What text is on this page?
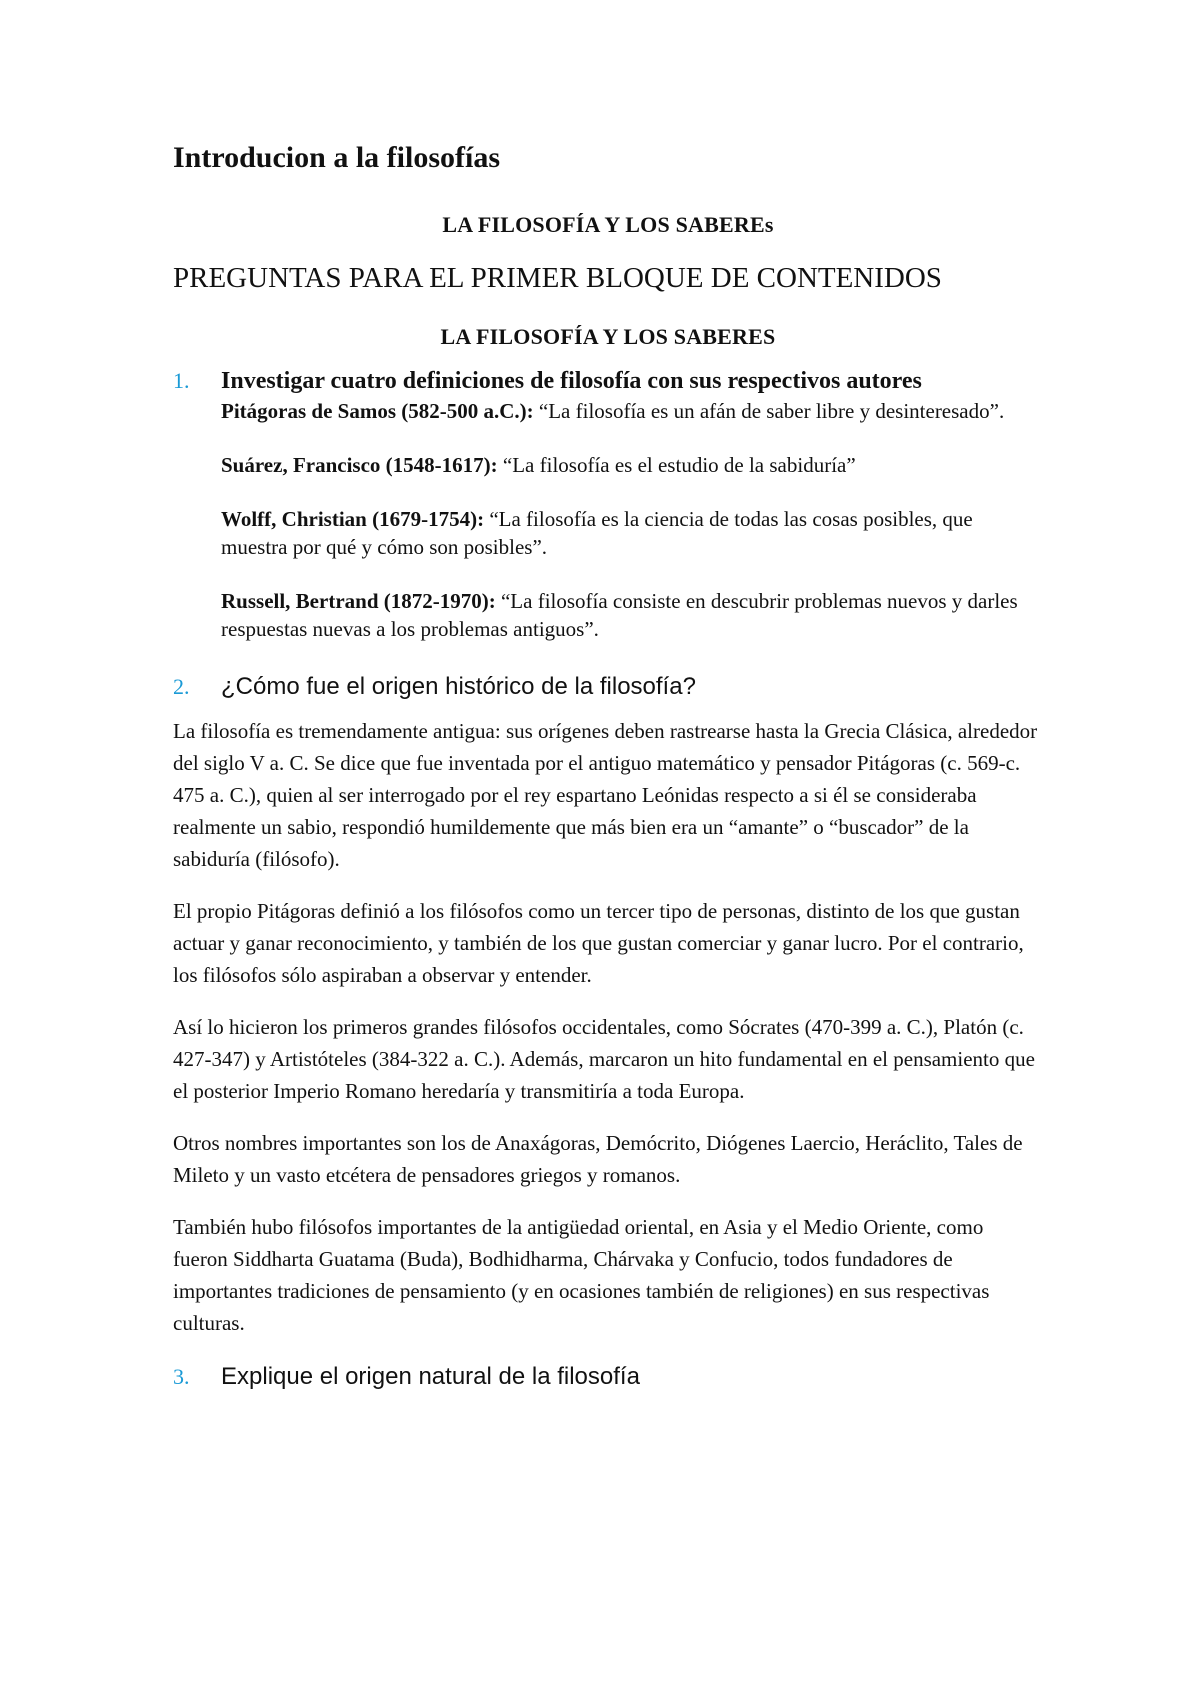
Introducion a la filosofías
LA FILOSOFÍA Y LOS SABEREs
PREGUNTAS PARA EL PRIMER BLOQUE DE CONTENIDOS
LA FILOSOFÍA Y LOS SABERES
1.	Investigar cuatro definiciones de filosofía con sus respectivos autores

Pitágoras de Samos (582-500 a.C.): “La filosofía es un afán de saber libre y desinteresado”.

Suárez, Francisco (1548-1617): “La filosofía es el estudio de la sabiduría”

Wolff, Christian (1679-1754): “La filosofía es la ciencia de todas las cosas posibles, que muestra por qué y cómo son posibles”.

Russell, Bertrand (1872-1970): “La filosofía consiste en descubrir problemas nuevos y darles respuestas nuevas a los problemas antiguos”.

2.	¿Cómo fue el origen histórico de la filosofía?

La filosofía es tremendamente antigua: sus orígenes deben rastrearse hasta la Grecia Clásica, alrededor del siglo V a. C. Se dice que fue inventada por el antiguo matemático y pensador Pitágoras (c. 569-c. 475 a. C.), quien al ser interrogado por el rey espartano Leónidas respecto a si él se consideraba realmente un sabio, respondió humildemente que más bien era un “amante” o “buscador” de la sabiduría (filósofo).

El propio Pitágoras definió a los filósofos como un tercer tipo de personas, distinto de los que gustan actuar y ganar reconocimiento, y también de los que gustan comerciar y ganar lucro. Por el contrario, los filósofos sólo aspiraban a observar y entender.

Así lo hicieron los primeros grandes filósofos occidentales, como Sócrates (470-399 a. C.), Platón (c. 427-347) y Artistóteles (384-322 a. C.). Además, marcaron un hito fundamental en el pensamiento que el posterior Imperio Romano heredaría y transmitiría a toda Europa.

Otros nombres importantes son los de Anaxágoras, Demócrito, Diógenes Laercio, Heráclito, Tales de Mileto y un vasto etcétera de pensadores griegos y romanos.

También hubo filósofos importantes de la antigüedad oriental, en Asia y el Medio Oriente, como fueron Siddharta Guatama (Buda), Bodhidharma, Chárvaka y Confucio, todos fundadores de importantes tradiciones de pensamiento (y en ocasiones también de religiones) en sus respectivas culturas.

3.	Explique el origen natural de la filosofía
